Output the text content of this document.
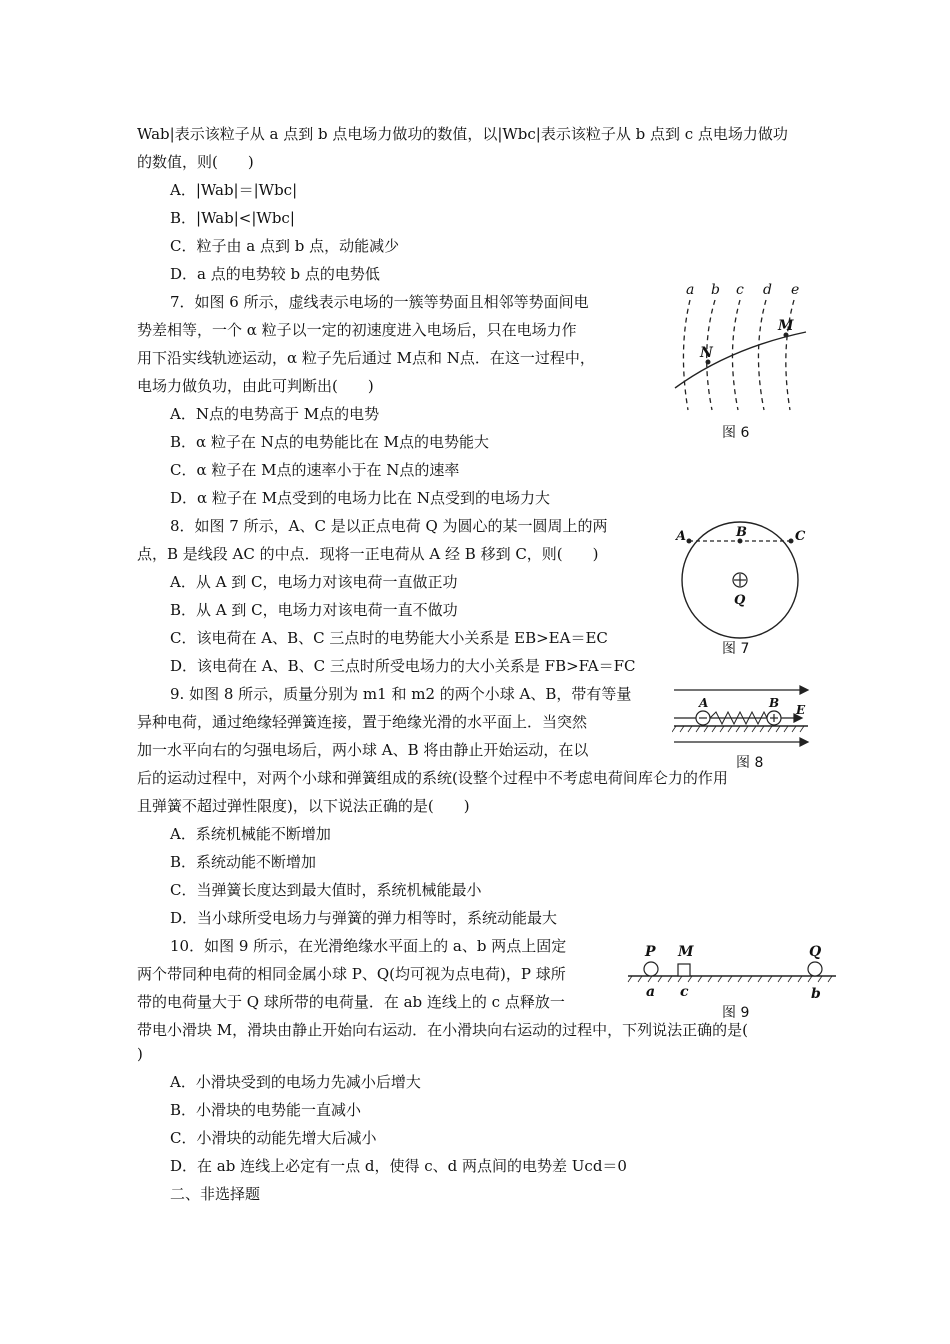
Wab|表示该粒子从 a 点到 b 点电场力做功的数值，以|Wbc|表示该粒子从 b 点到 c 点电场力做功
的数值，则(　　)
A．|Wab|＝|Wbc|
B．|Wab|<|Wbc|
C．粒子由 a 点到 b 点，动能减少
D．a 点的电势较 b 点的电势低
7．如图 6 所示，虚线表示电场的一簇等势面且相邻等势面间电
势差相等，一个 α 粒子以一定的初速度进入电场后，只在电场力作
用下沿实线轨迹运动，α 粒子先后通过 M点和 N点．在这一过程中，
电场力做负功，由此可判断出(　　)
A．N点的电势高于 M点的电势
B．α 粒子在 N点的电势能比在 M点的电势能大
C．α 粒子在 M点的速率小于在 N点的速率
D．α 粒子在 M点受到的电场力比在 N点受到的电场力大
a b c d e
N
M
图 6
8．如图 7 所示，A、C 是以正点电荷 Q 为圆心的某一圆周上的两
点，B 是线段 AC 的中点．现将一正电荷从 A 经 B 移到 C，则(　　)
A．从 A 到 C，电场力对该电荷一直做正功
B．从 A 到 C，电场力对该电荷一直不做功
C．该电荷在 A、B、C 三点时的电势能大小关系是 EB>EA＝EC
D．该电荷在 A、B、C 三点时所受电场力的大小关系是 FB>FA＝FC
A	B	C
Q
图 7
9. 如图 8 所示，质量分别为 m1 和 m2 的两个小球 A、B，带有等量
异种电荷，通过绝缘轻弹簧连接，置于绝缘光滑的水平面上．当突然
加一水平向右的匀强电场后，两小球 A、B 将由静止开始运动，在以
后的运动过程中，对两个小球和弹簧组成的系统(设整个过程中不考虑电荷间库仑力的作用
且弹簧不超过弹性限度)，以下说法正确的是(　　)
A．系统机械能不断增加
B．系统动能不断增加
C．当弹簧长度达到最大值时，系统机械能最小
D．当小球所受电场力与弹簧的弹力相等时，系统动能最大
A	B E
图 8
10．如图 9 所示，在光滑绝缘水平面上的 a、b 两点上固定
两个带同种电荷的相同金属小球 P、Q(均可视为点电荷)，P 球所
带的电荷量大于 Q 球所带的电荷量．在 ab 连线上的 c 点释放一
带电小滑块 M，滑块由静止开始向右运动．在小滑块向右运动的过程中，下列说法正确的是(
)
A．小滑块受到的电场力先减小后增大
B．小滑块的电势能一直减小
C．小滑块的动能先增大后减小
D．在 ab 连线上必定有一点 d，使得 c、d 两点间的电势差 Ucd＝0
P M	Q
a c	b
图 9
二、非选择题
